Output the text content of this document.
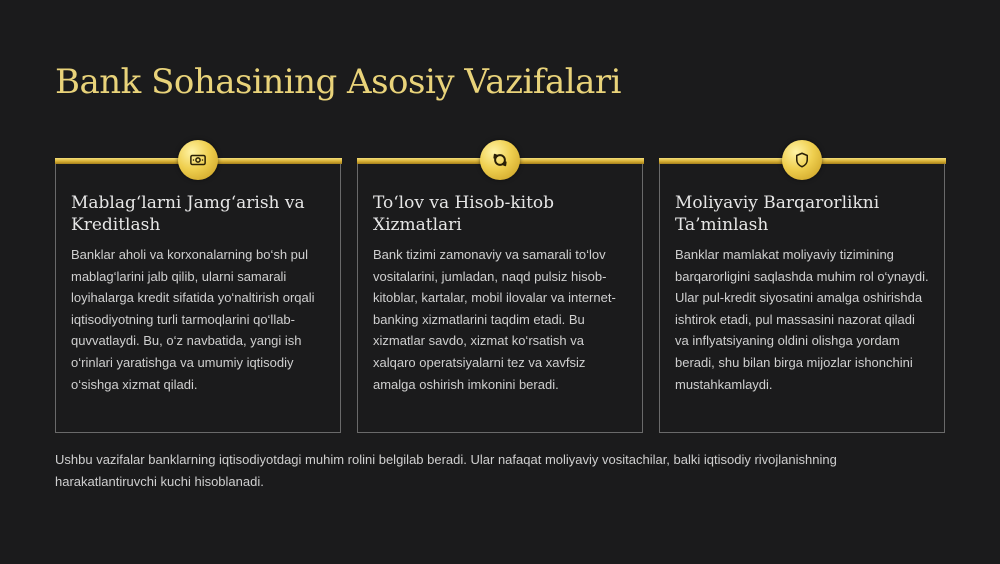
Bank Sohasining Asosiy Vazifalari
Mablag‘larni Jamg‘arish va Kreditlash

Banklar aholi va korxonalarning bo‘sh pul mablag‘larini jalb qilib, ularni samarali loyihalarga kredit sifatida yo‘naltirish orqali iqtisodiyotning turli tarmoqlarini qo‘llab-quvvatlaydi. Bu, o‘z navbatida, yangi ish o‘rinlari yaratishga va umumiy iqtisodiy o‘sishga xizmat qiladi.

To‘lov va Hisob-kitob Xizmatlari

Bank tizimi zamonaviy va samarali to‘lov vositalarini, jumladan, naqd pulsiz hisob-kitoblar, kartalar, mobil ilovalar va internet-banking xizmatlarini taqdim etadi. Bu xizmatlar savdo, xizmat ko‘rsatish va xalqaro operatsiyalarni tez va xavfsiz amalga oshirish imkonini beradi.

Moliyaviy Barqarorlikni Ta’minlash

Banklar mamlakat moliyaviy tizimining barqarorligini saqlashda muhim rol o‘ynaydi. Ular pul-kredit siyosatini amalga oshirishda ishtirok etadi, pul massasini nazorat qiladi va inflyatsiyaning oldini olishga yordam beradi, shu bilan birga mijozlar ishonchini mustahkamlaydi.

Ushbu vazifalar banklarning iqtisodiyotdagi muhim rolini belgilab beradi. Ular nafaqat moliyaviy vositachilar, balki iqtisodiy rivojlanishning harakatlantiruvchi kuchi hisoblanadi.
